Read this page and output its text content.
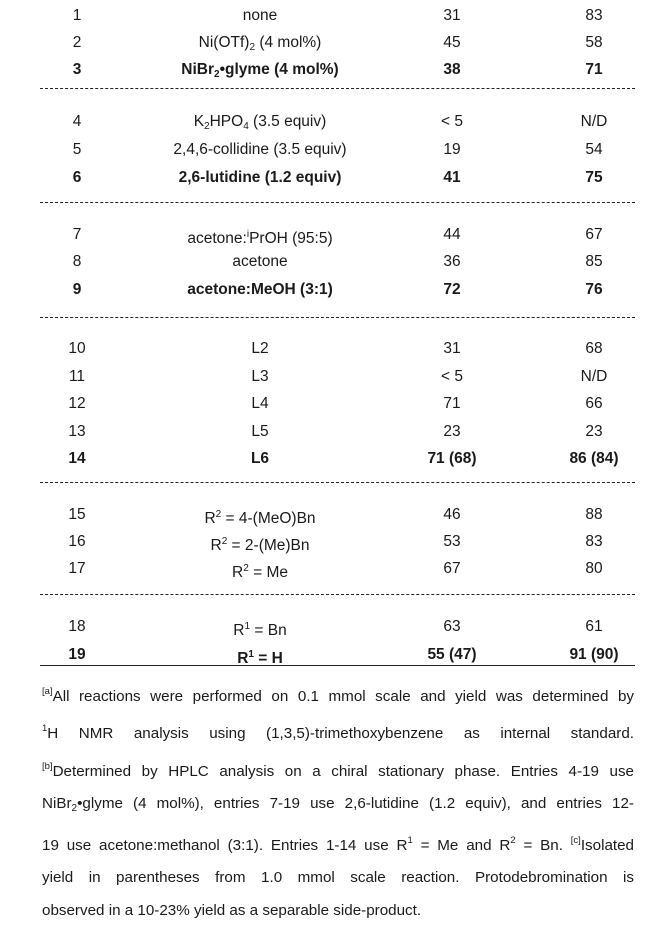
1	none	31	83
2	$Ni(OTf)_2$ (4 mol%)	45	58
3	NiBr$_2$•glyme (4 mol%)	38	71
4	$K_2HPO_4$ (3.5 equiv)	< 5	N/D
5	2,4,6-collidine (3.5 equiv)	19	54
6	2,6-lutidine (1.2 equiv)	41	75
7	acetone:$^i$PrOH (95:5)	44	67
8	acetone	36	85
9	acetone:MeOH (3:1)	72	76
10	L2	31	68
11	L3	< 5	N/D
12	L4	71	66
13	L5	23	23
14	L6	71 (68)	86 (84)
15	$R^2 = 4-(MeO)Bn$	46	88
16	$R^2 = 2-(Me)Bn$	53	83
17	$R^2 = Me$	67	80
18	$R^1 = Bn$	63	61
19	$R^1 = H$	55 (47)	91 (90)
[a]All reactions were performed on 0.1 mmol scale and yield was determined by
$^1$H NMR analysis using (1,3,5)-trimethoxybenzene as internal standard.
[b]Determined by HPLC analysis on a chiral stationary phase. Entries 4-19 use
NiBr$_2$•glyme (4 mol%), entries 7-19 use 2,6-lutidine (1.2 equiv), and entries 12-
19 use acetone:methanol (3:1). Entries 1-14 use $R^1 = Me$ and $R^2 = Bn$. [c]Isolated
yield in parentheses from 1.0 mmol scale reaction. Protodebromination is
observed in a 10-23% yield as a separable side-product.
